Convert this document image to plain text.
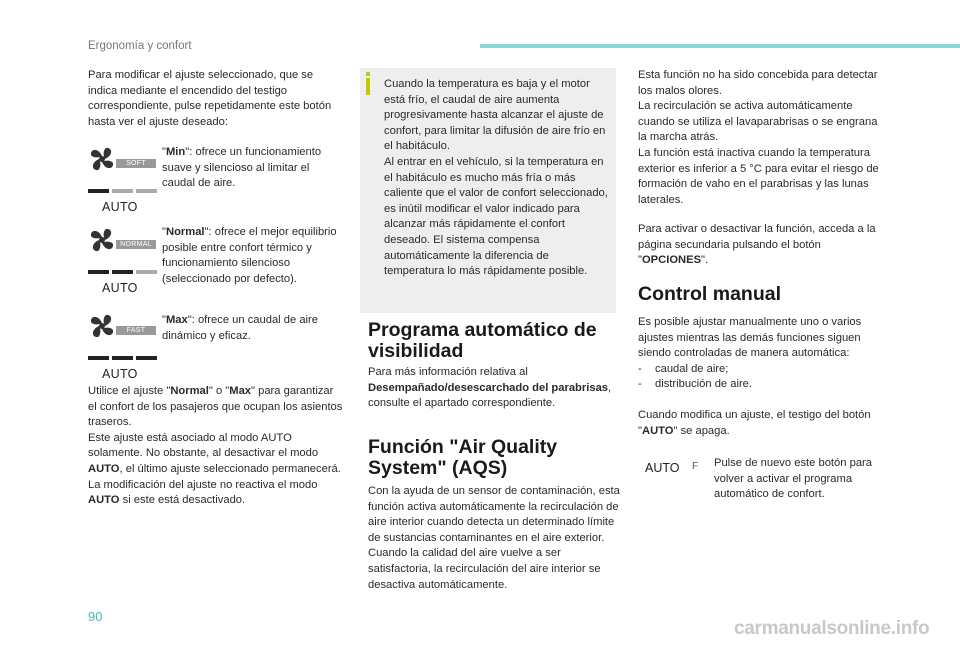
Ergonomía y confort
Para modificar el ajuste seleccionado, que se indica mediante el encendido del testigo correspondiente, pulse repetidamente este botón hasta ver el ajuste deseado:
SOFT
AUTO
"Min": ofrece un funcionamiento suave y silencioso al limitar el caudal de aire.
NORMAL
AUTO
"Normal": ofrece el mejor equilibrio posible entre confort térmico y funcionamiento silencioso (seleccionado por defecto).
FAST
AUTO
"Max": ofrece un caudal de aire dinámico y eficaz.

Utilice el ajuste "Normal" o "Max" para garantizar el confort de los pasajeros que ocupan los asientos traseros.

Este ajuste está asociado al modo AUTO solamente. No obstante, al desactivar el modo AUTO, el último ajuste seleccionado permanecerá.

La modificación del ajuste no reactiva el modo AUTO si este está desactivado.

Cuando la temperatura es baja y el motor está frío, el caudal de aire aumenta progresivamente hasta alcanzar el ajuste de confort, para limitar la difusión de aire frío en el habitáculo.

Al entrar en el vehículo, si la temperatura en el habitáculo es mucho más fría o más caliente que el valor de confort seleccionado, es inútil modificar el valor indicado para alcanzar más rápidamente el confort deseado. El sistema compensa automáticamente la diferencia de temperatura lo más rápidamente posible.

Programa automático de visibilidad
Para más información relativa al Desempañado/desescarchado del parabrisas, consulte el apartado correspondiente.
Función "Air Quality System" (AQS)

Con la ayuda de un sensor de contaminación, esta función activa automáticamente la recirculación de aire interior cuando detecta un determinado límite de sustancias contaminantes en el aire exterior.

Cuando la calidad del aire vuelve a ser satisfactoria, la recirculación del aire interior se desactiva automáticamente.

Esta función no ha sido concebida para detectar los malos olores.

La recirculación se activa automáticamente cuando se utiliza el lavaparabrisas o se engrana la marcha atrás.

La función está inactiva cuando la temperatura exterior es inferior a 5 °C para evitar el riesgo de formación de vaho en el parabrisas y las lunas laterales.

Para activar o desactivar la función, acceda a la página secundaria pulsando el botón "OPCIONES".
Control manual

Es posible ajustar manualmente uno o varios ajustes mientras las demás funciones siguen siendo controladas de manera automática:

- caudal de aire;
- distribución de aire.
Cuando modifica un ajuste, el testigo del botón "AUTO" se apaga.
AUTO F Pulse de nuevo este botón para volver a activar el programa automático de confort.
90
carmanualsonline.info
